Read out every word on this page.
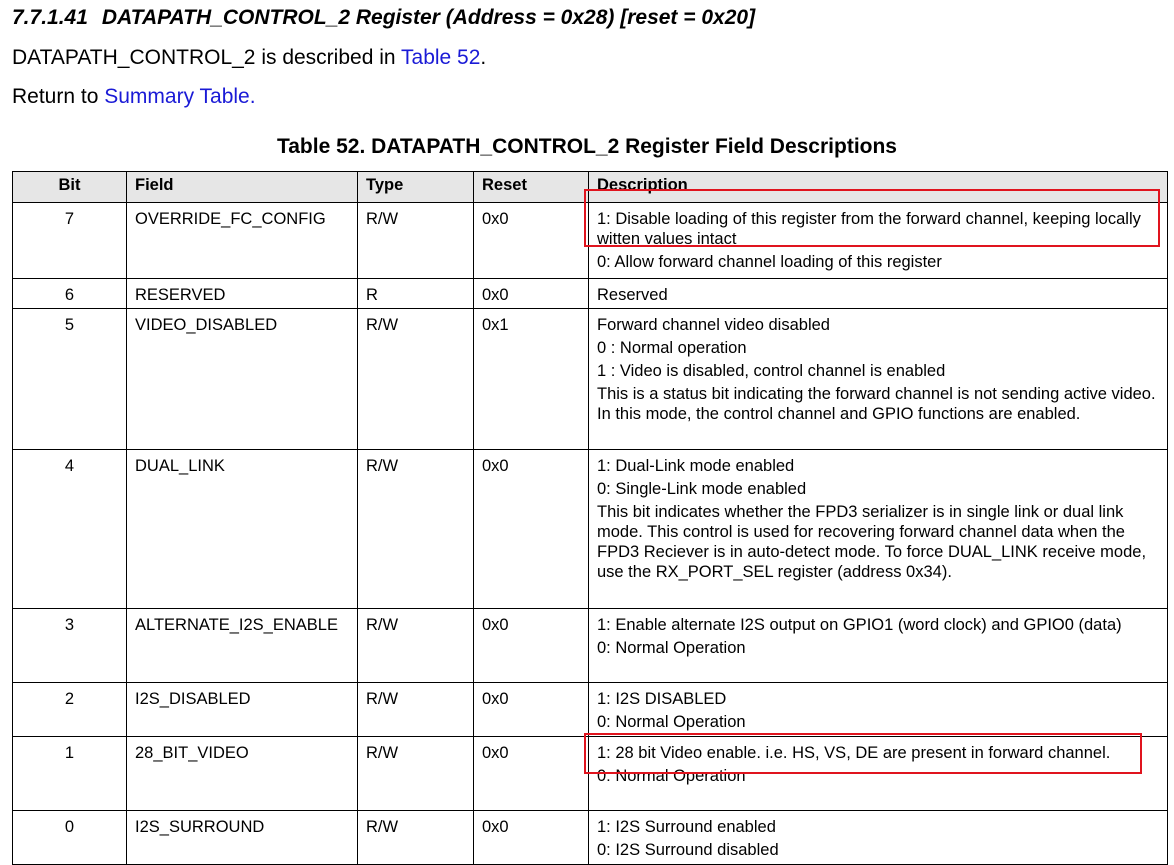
7.7.1.41 DATAPATH_CONTROL_2 Register (Address = 0x28) [reset = 0x20]
DATAPATH_CONTROL_2 is described in Table 52.
Return to Summary Table.
Table 52. DATAPATH_CONTROL_2 Register Field Descriptions
Bit	Field	Type	Reset	Description
7	OVERRIDE_FC_CONFIG	R/W	0x0	1: Disable loading of this register from the forward channel, keeping locally witten values intact
0: Allow forward channel loading of this register

6	RESERVED	R	0x0	Reserved

5	VIDEO_DISABLED	R/W	0x1	Forward channel video disabled
0 : Normal operation
1 : Video is disabled, control channel is enabled
This is a status bit indicating the forward channel is not sending active video. In this mode, the control channel and GPIO functions are enabled.

4	DUAL_LINK	R/W	0x0	1: Dual-Link mode enabled
0: Single-Link mode enabled
This bit indicates whether the FPD3 serializer is in single link or dual link mode. This control is used for recovering forward channel data when the FPD3 Reciever is in auto-detect mode. To force DUAL_LINK receive mode, use the RX_PORT_SEL register (address 0x34).

3	ALTERNATE_I2S_ENABLE	R/W	0x0	1: Enable alternate I2S output on GPIO1 (word clock) and GPIO0 (data)
0: Normal Operation

2	I2S_DISABLED	R/W	0x0	1: I2S DISABLED
0: Normal Operation

1	28_BIT_VIDEO	R/W	0x0	1: 28 bit Video enable. i.e. HS, VS, DE are present in forward channel.
0: Normal Operation

0	I2S_SURROUND	R/W	0x0	1: I2S Surround enabled
0: I2S Surround disabled
